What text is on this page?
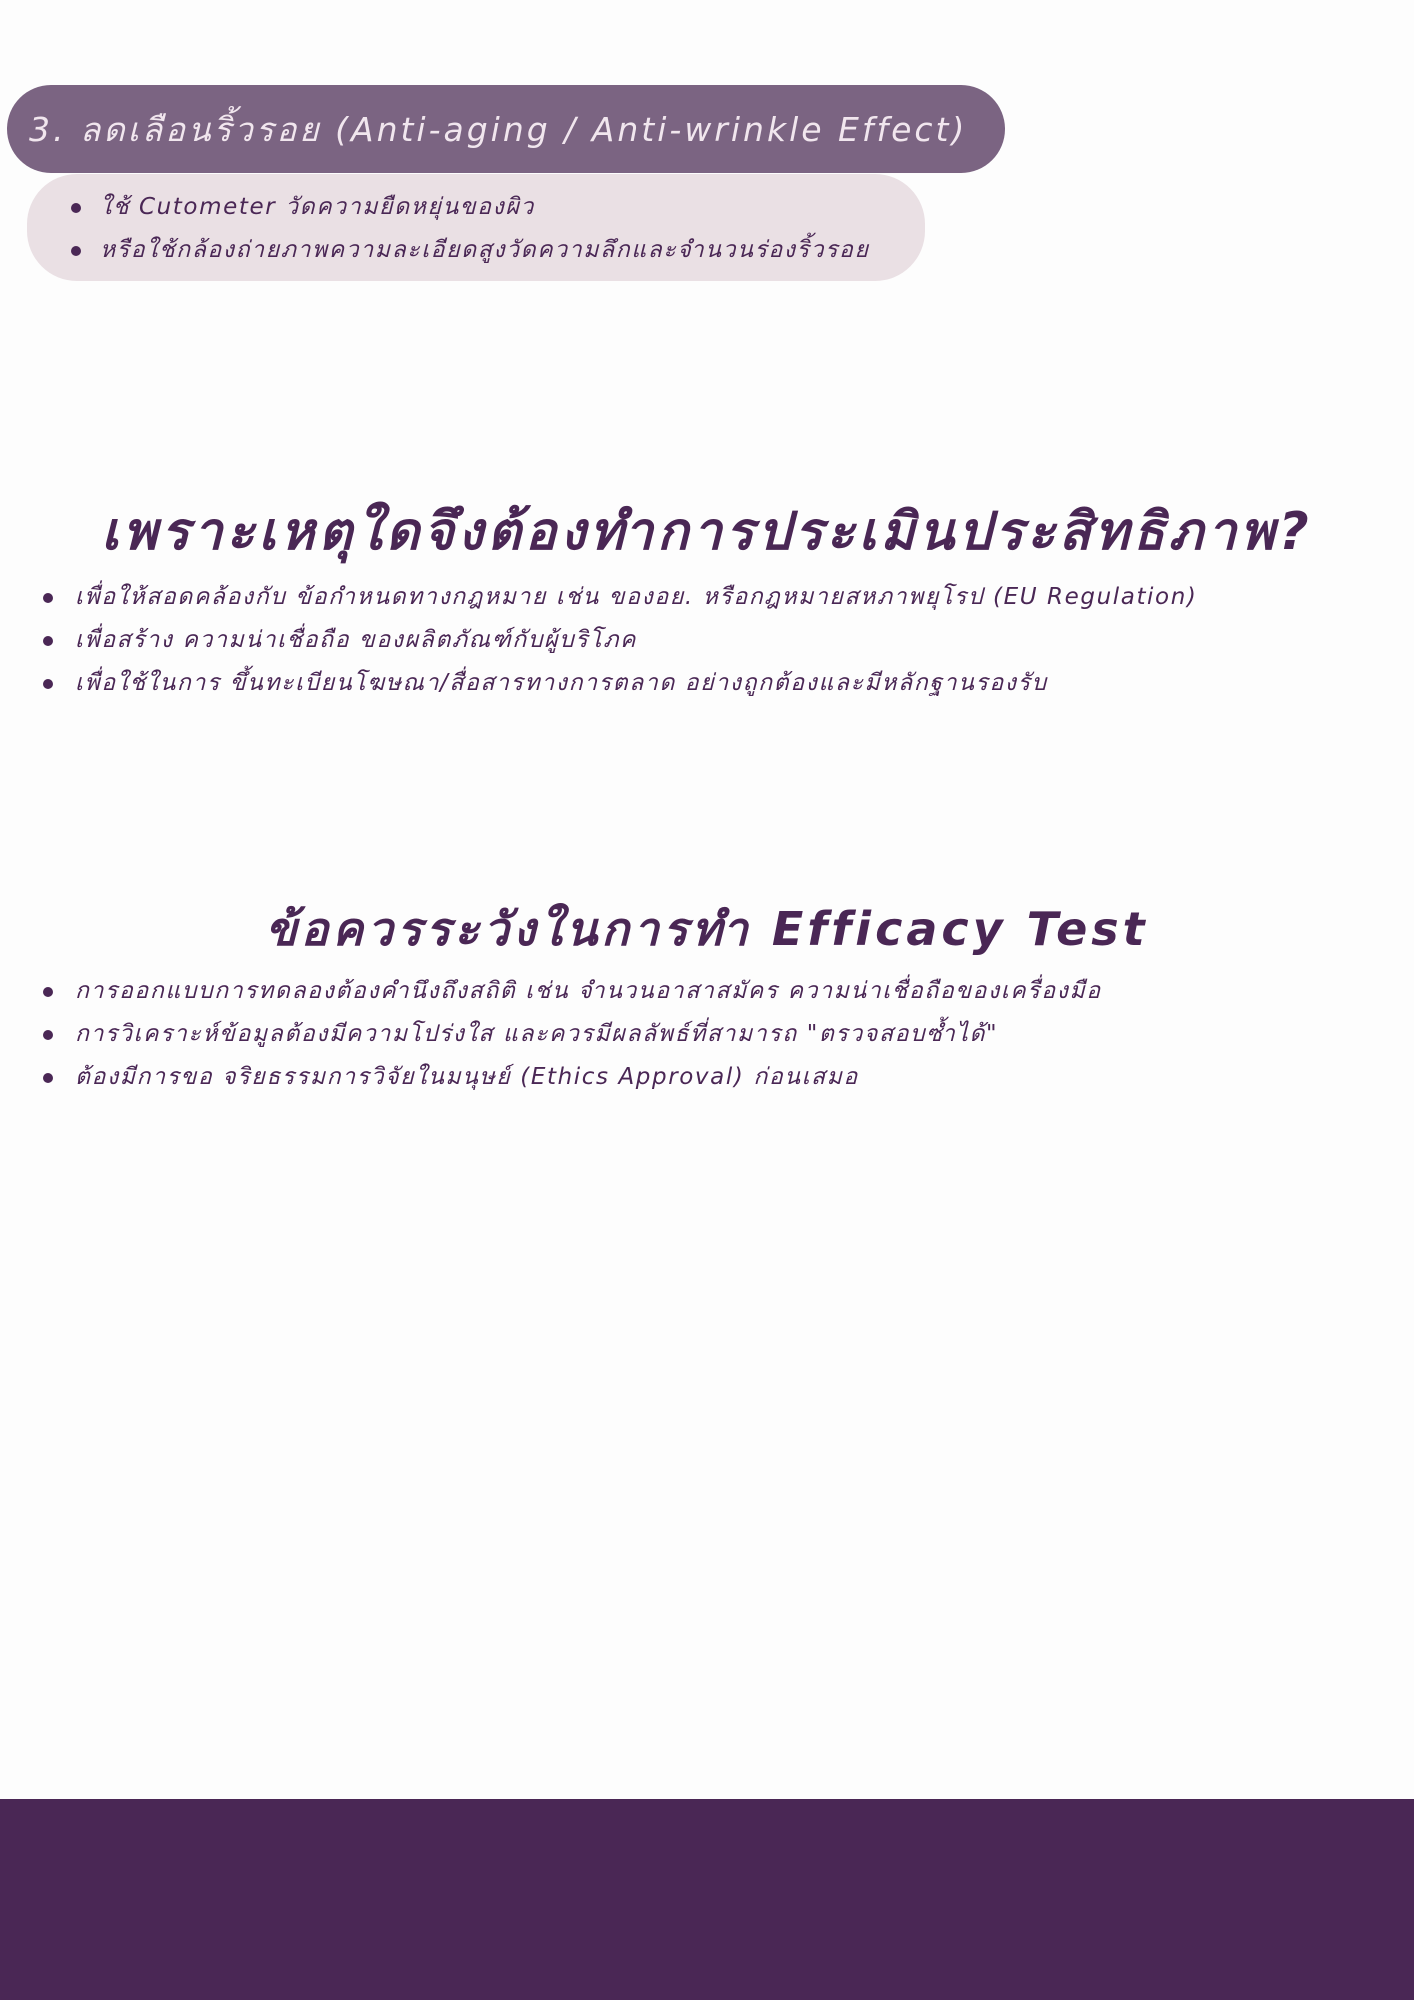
3. ลดเลือนริ้วรอย (Anti-aging / Anti-wrinkle Effect)
ใช้ Cutometer วัดความยืดหยุ่นของผิว
หรือใช้กล้องถ่ายภาพความละเอียดสูงวัดความลึกและจำนวนร่องริ้วรอย
เพราะเหตุใดจึงต้องทำการประเมินประสิทธิภาพ?
เพื่อให้สอดคล้องกับ ข้อกำหนดทางกฎหมาย เช่น ของอย. หรือกฎหมายสหภาพยุโรป (EU Regulation)
เพื่อสร้าง ความน่าเชื่อถือ ของผลิตภัณฑ์กับผู้บริโภค
เพื่อใช้ในการ ขึ้นทะเบียนโฆษณา/สื่อสารทางการตลาด อย่างถูกต้องและมีหลักฐานรองรับ
ข้อควรระวังในการทำ Efficacy Test
การออกแบบการทดลองต้องคำนึงถึงสถิติ เช่น จำนวนอาสาสมัคร ความน่าเชื่อถือของเครื่องมือ
การวิเคราะห์ข้อมูลต้องมีความโปร่งใส และควรมีผลลัพธ์ที่สามารถ "ตรวจสอบซ้ำได้"
ต้องมีการขอ จริยธรรมการวิจัยในมนุษย์ (Ethics Approval) ก่อนเสมอ
